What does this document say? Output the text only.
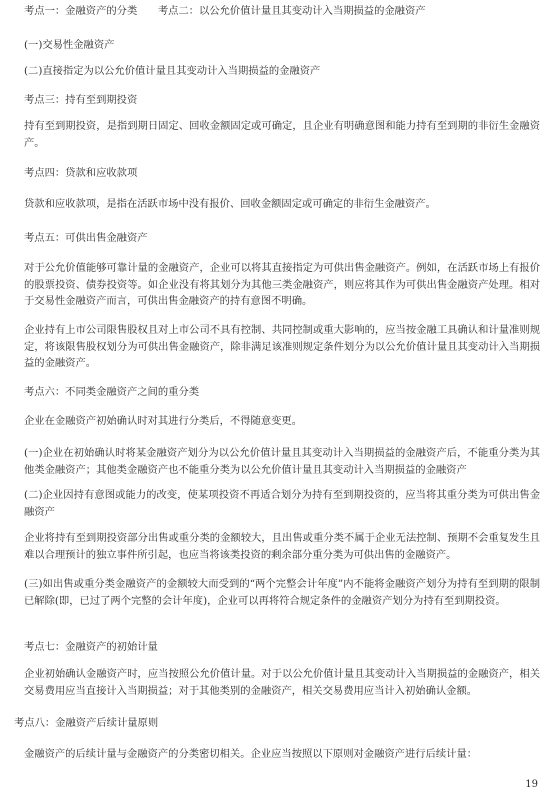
考点一：金融资产的分类　　考点二：以公允价值计量且其变动计入当期损益的金融资产
(一)交易性金融资产
(二)直接指定为以公允价值计量且其变动计入当期损益的金融资产
考点三：持有至到期投资
持有至到期投资，是指到期日固定、回收金额固定或可确定，且企业有明确意图和能力持有至到期的非衍生金融资产。
考点四：贷款和应收款项
贷款和应收款项，是指在活跃市场中没有报价、回收金额固定或可确定的非衍生金融资产。
考点五：可供出售金融资产
对于公允价值能够可靠计量的金融资产，企业可以将其直接指定为可供出售金融资产。例如，在活跃市场上有报价的股票投资、债券投资等。如企业没有将其划分为其他三类金融资产，则应将其作为可供出售金融资产处理。相对于交易性金融资产而言，可供出售金融资产的持有意图不明确。
企业持有上市公司限售股权且对上市公司不具有控制、共同控制或重大影响的，应当按金融工具确认和计量准则规定，将该限售股权划分为可供出售金融资产，除非满足该准则规定条件划分为以公允价值计量且其变动计入当期损益的金融资产。
考点六：不同类金融资产之间的重分类
企业在金融资产初始确认时对其进行分类后，不得随意变更。
(一)企业在初始确认时将某金融资产划分为以公允价值计量且其变动计入当期损益的金融资产后，不能重分类为其他类金融资产；其他类金融资产也不能重分类为以公允价值计量且其变动计入当期损益的金融资产
(二)企业因持有意图或能力的改变，使某项投资不再适合划分为持有至到期投资的，应当将其重分类为可供出售金融资产
企业将持有至到期投资部分出售或重分类的金额较大，且出售或重分类不属于企业无法控制、预期不会重复发生且难以合理预计的独立事件所引起，也应当将该类投资的剩余部分重分类为可供出售的金融资产。
(三)如出售或重分类金融资产的金额较大而受到的“两个完整会计年度”内不能将金融资产划分为持有至到期的限制已解除(即，已过了两个完整的会计年度)，企业可以再将符合规定条件的金融资产划分为持有至到期投资。
考点七：金融资产的初始计量
企业初始确认金融资产时，应当按照公允价值计量。对于以公允价值计量且其变动计入当期损益的金融资产，相关交易费用应当直接计入当期损益；对于其他类别的金融资产，相关交易费用应当计入初始确认金额。
考点八：金融资产后续计量原则
金融资产的后续计量与金融资产的分类密切相关。企业应当按照以下原则对金融资产进行后续计量：
19
